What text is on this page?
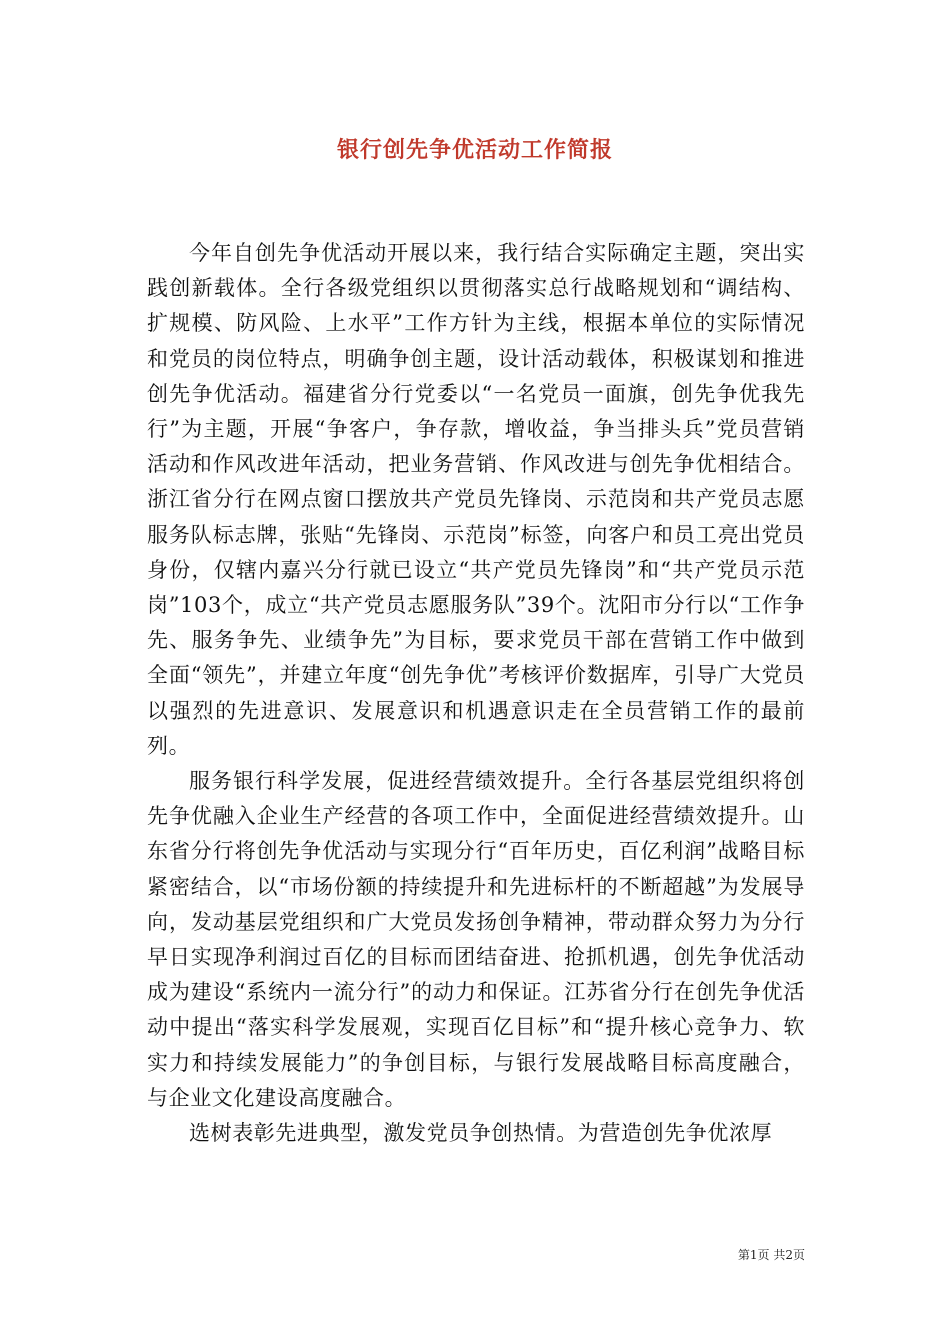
银行创先争优活动工作简报

今年自创先争优活动开展以来，我行结合实际确定主题，突出实践创新载体。全行各级党组织以贯彻落实总行战略规划和“调结构、扩规模、防风险、上水平”工作方针为主线，根据本单位的实际情况和党员的岗位特点，明确争创主题，设计活动载体，积极谋划和推进创先争优活动。福建省分行党委以“一名党员一面旗，创先争优我先行”为主题，开展“争客户，争存款，增收益，争当排头兵”党员营销活动和作风改进年活动，把业务营销、作风改进与创先争优相结合。浙江省分行在网点窗口摆放共产党员先锋岗、示范岗和共产党员志愿服务队标志牌，张贴“先锋岗、示范岗”标签，向客户和员工亮出党员身份，仅辖内嘉兴分行就已设立“共产党员先锋岗”和“共产党员示范岗”103个，成立“共产党员志愿服务队”39个。沈阳市分行以“工作争先、服务争先、业绩争先”为目标，要求党员干部在营销工作中做到全面“领先”，并建立年度“创先争优”考核评价数据库，引导广大党员以强烈的先进意识、发展意识和机遇意识走在全员营销工作的最前列。

服务银行科学发展，促进经营绩效提升。全行各基层党组织将创先争优融入企业生产经营的各项工作中，全面促进经营绩效提升。山东省分行将创先争优活动与实现分行“百年历史，百亿利润”战略目标紧密结合，以“市场份额的持续提升和先进标杆的不断超越”为发展导向，发动基层党组织和广大党员发扬创争精神，带动群众努力为分行早日实现净利润过百亿的目标而团结奋进、抢抓机遇，创先争优活动成为建设“系统内一流分行”的动力和保证。江苏省分行在创先争优活动中提出“落实科学发展观，实现百亿目标”和“提升核心竞争力、软实力和持续发展能力”的争创目标，与银行发展战略目标高度融合，与企业文化建设高度融合。

选树表彰先进典型，激发党员争创热情。为营造创先争优浓厚

第1页 共2页
